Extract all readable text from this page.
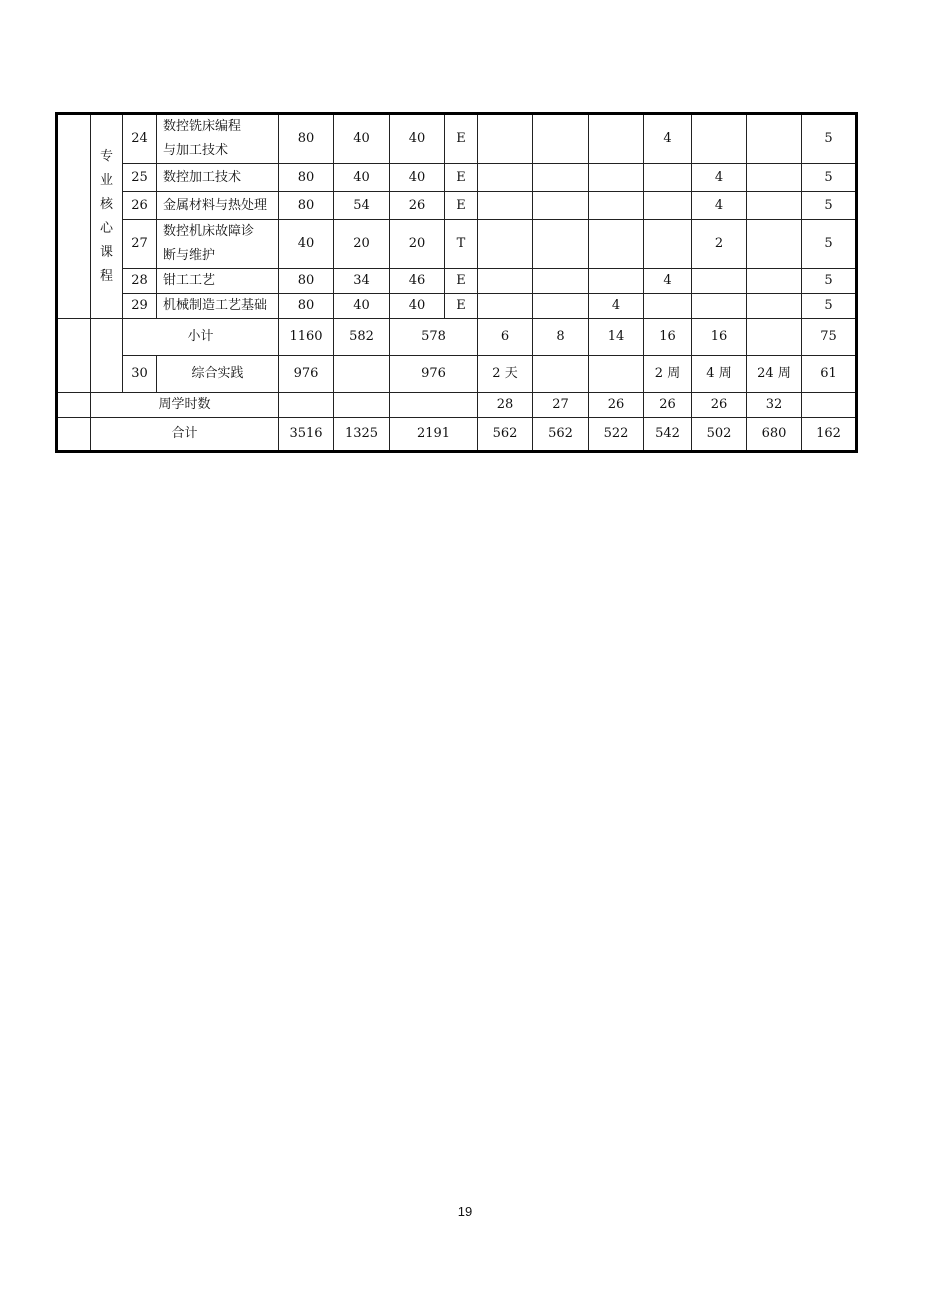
	专业核心课程	24	数控铣床编程
与加工技术	80	40	40	E				4			5
		25	数控加工技术	80	40	40	E					4		5
		26	金属材料与热处理	80	54	26	E					4		5
		27	数控机床故障诊
断与维护	40	20	20	T					2		5
		28	钳工工艺	80	34	46	E				4			5
		29	机械制造工艺基础	80	40	40	E			4				5
		小计		1160	582	578		6	8	14	16	16		75
		30	综合实践	976		976		2 天			2 周	4 周	24 周	61
	周学时数							28	27	26	26	26	32	
	合计			3516	1325	2191		562	562	522	542	502	680	162
19
